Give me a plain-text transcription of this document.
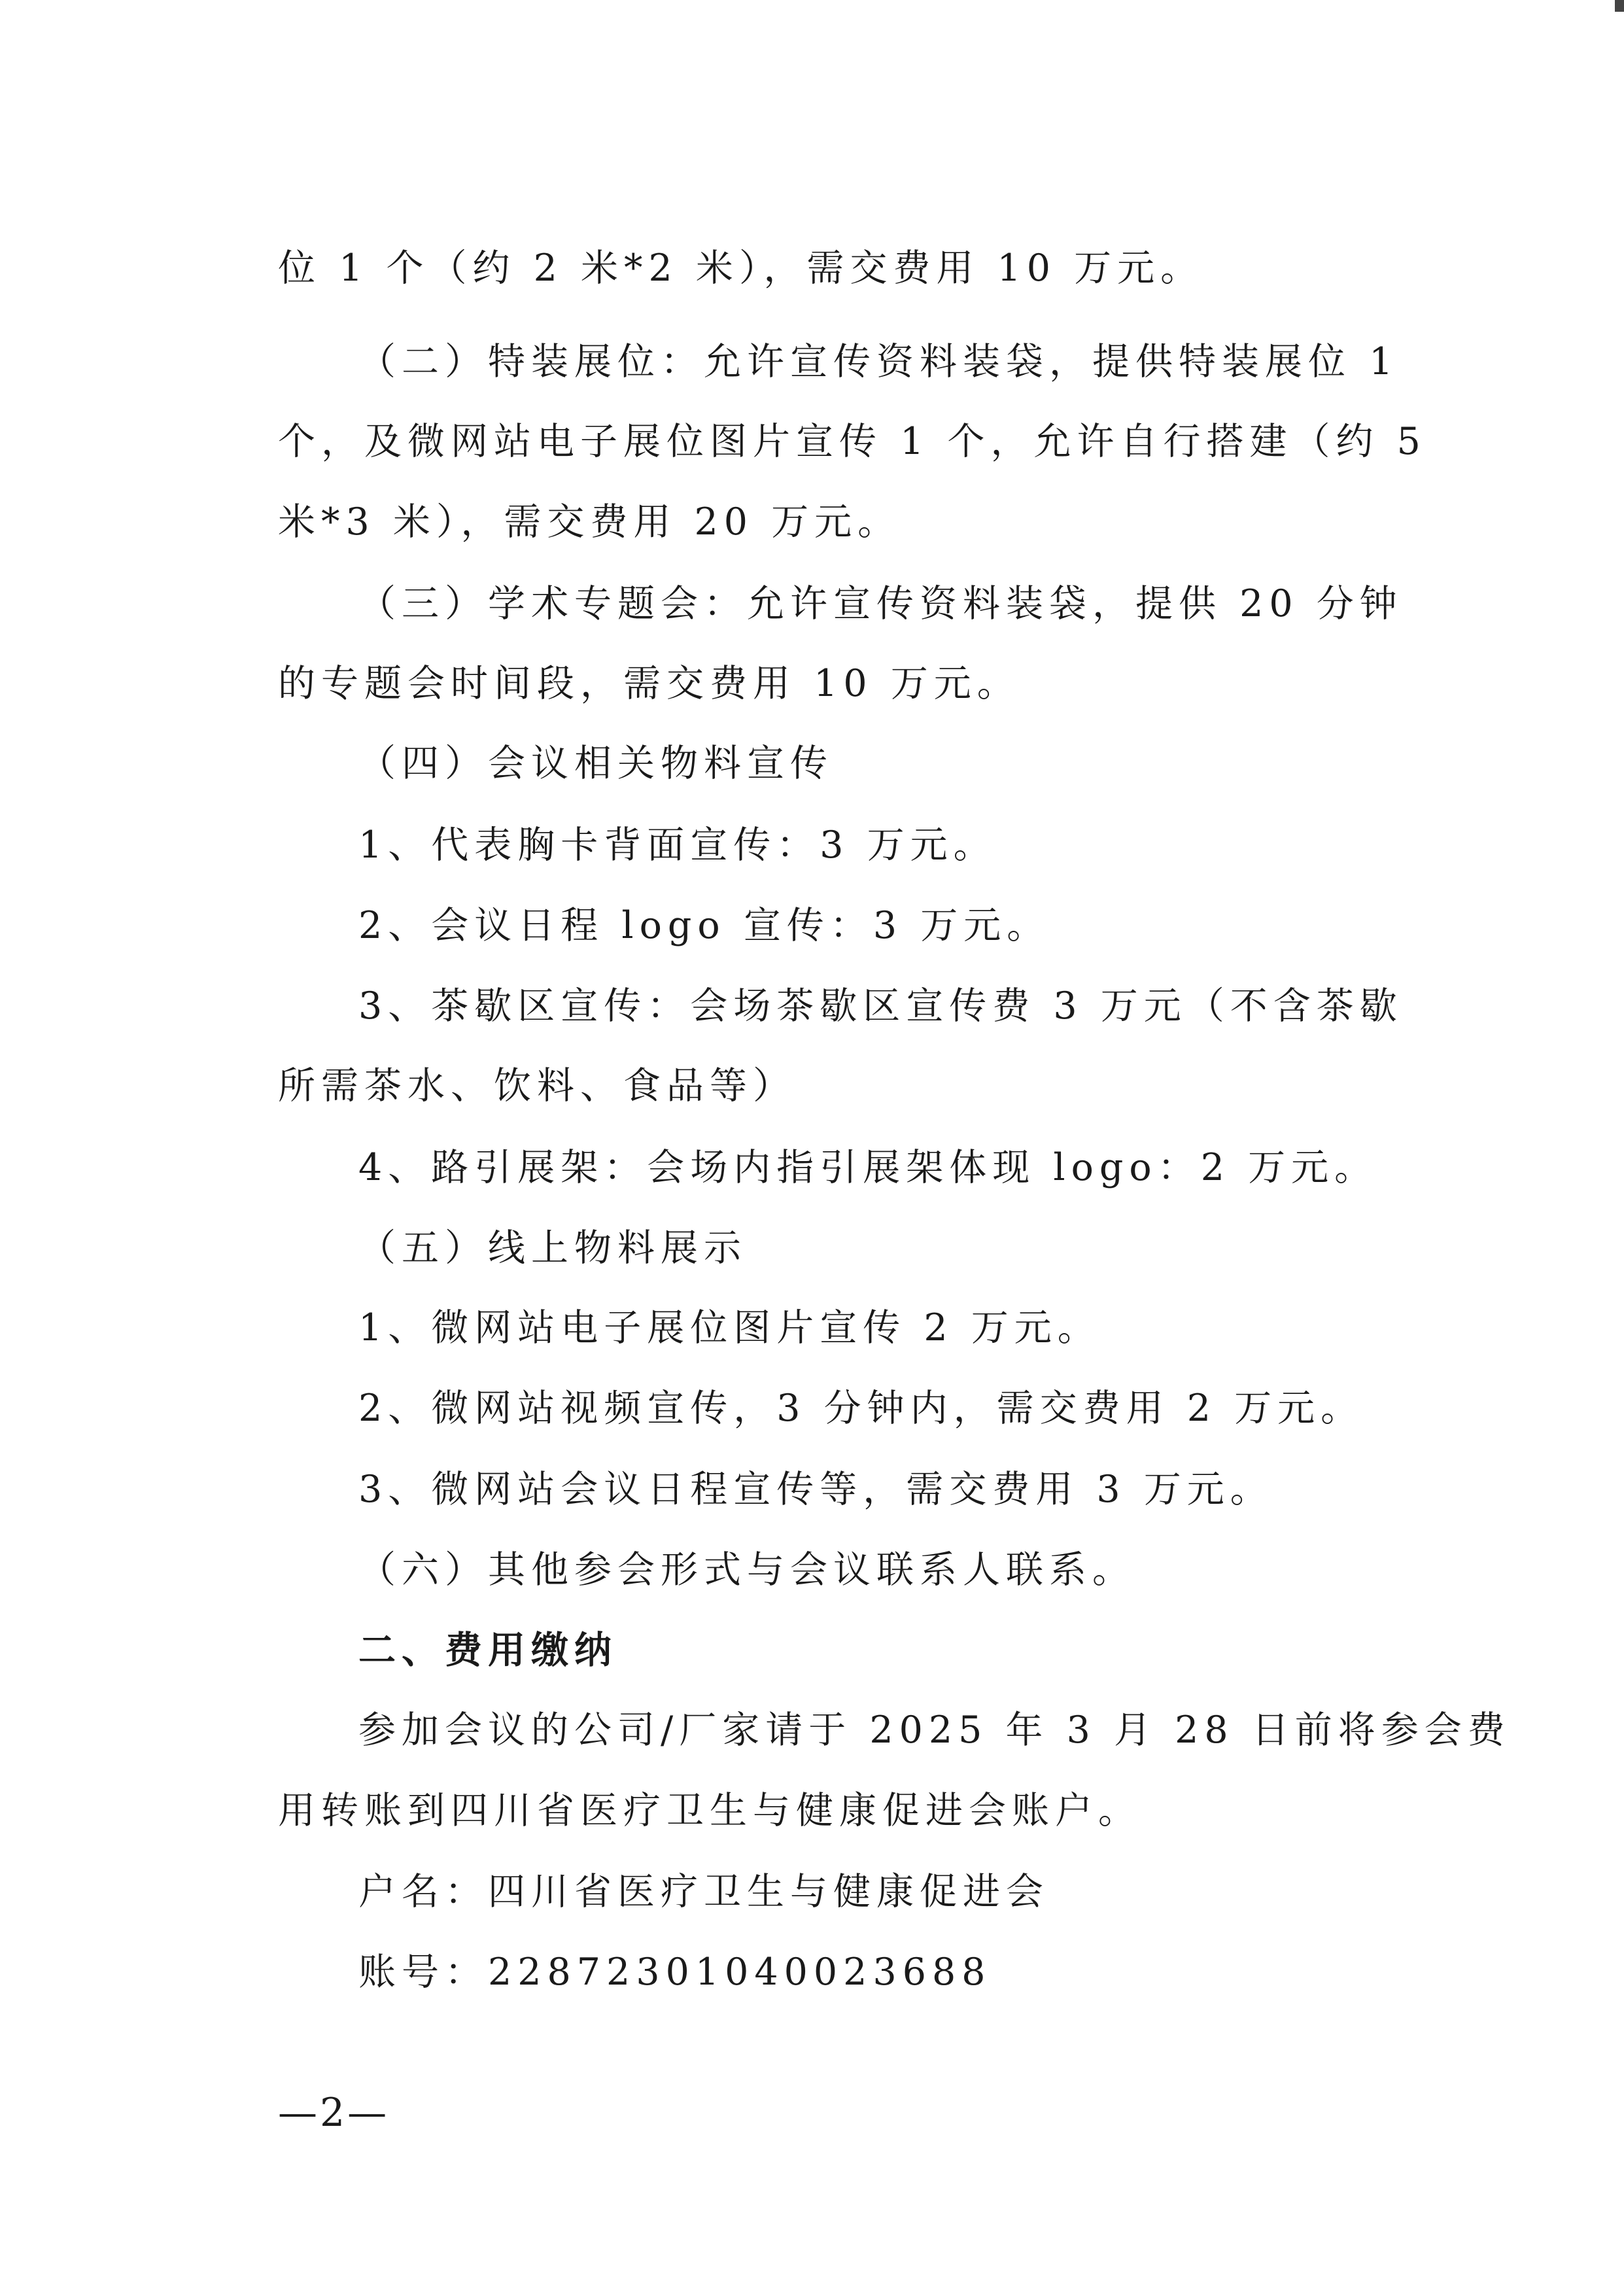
位 1 个（约 2 米*2 米），需交费用 10 万元。
（二）特装展位：允许宣传资料装袋，提供特装展位 1
个，及微网站电子展位图片宣传 1 个，允许自行搭建（约 5
米*3 米），需交费用 20 万元。
（三）学术专题会：允许宣传资料装袋，提供 20 分钟
的专题会时间段，需交费用 10 万元。
（四）会议相关物料宣传
1、代表胸卡背面宣传：3 万元。
2、会议日程 logo 宣传：3 万元。
3、茶歇区宣传：会场茶歇区宣传费 3 万元（不含茶歇
所需茶水、饮料、食品等）
4、路引展架：会场内指引展架体现 logo：2 万元。
（五）线上物料展示
1、微网站电子展位图片宣传 2 万元。
2、微网站视频宣传，3 分钟内，需交费用 2 万元。
3、微网站会议日程宣传等，需交费用 3 万元。
（六）其他参会形式与会议联系人联系。
二、费用缴纳
参加会议的公司/厂家请于 2025 年 3 月 28 日前将参会费
用转账到四川省医疗卫生与健康促进会账户。
户名：四川省医疗卫生与健康促进会
账号：22872301040023688
—2—
